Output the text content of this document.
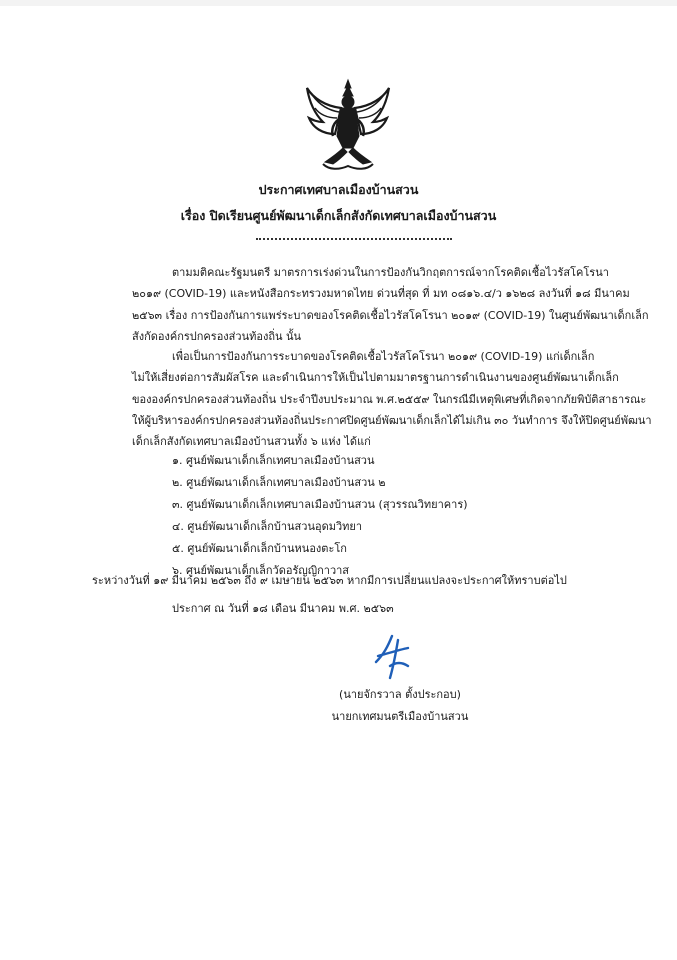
ประกาศเทศบาลเมืองบ้านสวน
เรื่อง ปิดเรียนศูนย์พัฒนาเด็กเล็กสังกัดเทศบาลเมืองบ้านสวน
ตามมติคณะรัฐมนตรี มาตรการเร่งด่วนในการป้องกันวิกฤตการณ์จากโรคติดเชื้อไวรัสโคโรนา
๒๐๑๙ (COVID-19) และหนังสือกระทรวงมหาดไทย ด่วนที่สุด ที่ มท ๐๘๑๖.๔/ว ๑๖๒๘ ลงวันที่ ๑๘ มีนาคม
๒๕๖๓ เรื่อง การป้องกันการแพร่ระบาดของโรคติดเชื้อไวรัสโคโรนา ๒๐๑๙ (COVID-19) ในศูนย์พัฒนาเด็กเล็ก
สังกัดองค์กรปกครองส่วนท้องถิ่น นั้น
เพื่อเป็นการป้องกันการระบาดของโรคติดเชื้อไวรัสโคโรนา ๒๐๑๙ (COVID-19) แก่เด็กเล็ก
ไม่ให้เสี่ยงต่อการสัมผัสโรค และดำเนินการให้เป็นไปตามมาตรฐานการดำเนินงานของศูนย์พัฒนาเด็กเล็ก
ขององค์กรปกครองส่วนท้องถิ่น ประจำปีงบประมาณ พ.ศ.๒๕๕๙ ในกรณีมีเหตุพิเศษที่เกิดจากภัยพิบัติสาธารณะ
ให้ผู้บริหารองค์กรปกครองส่วนท้องถิ่นประกาศปิดศูนย์พัฒนาเด็กเล็กได้ไม่เกิน ๓๐ วันทำการ จึงให้ปิดศูนย์พัฒนา
เด็กเล็กสังกัดเทศบาลเมืองบ้านสวนทั้ง ๖ แห่ง ได้แก่
๑. ศูนย์พัฒนาเด็กเล็กเทศบาลเมืองบ้านสวน
๒. ศูนย์พัฒนาเด็กเล็กเทศบาลเมืองบ้านสวน ๒
๓. ศูนย์พัฒนาเด็กเล็กเทศบาลเมืองบ้านสวน (สุวรรณวิทยาคาร)
๔. ศูนย์พัฒนาเด็กเล็กบ้านสวนอุดมวิทยา
๕. ศูนย์พัฒนาเด็กเล็กบ้านหนองตะโก
๖. ศูนย์พัฒนาเด็กเล็กวัดอรัญญิกาวาส
ระหว่างวันที่ ๑๙ มีนาคม ๒๕๖๓ ถึง ๙ เมษายน ๒๕๖๓ หากมีการเปลี่ยนแปลงจะประกาศให้ทราบต่อไป
ประกาศ ณ วันที่ ๑๘ เดือน มีนาคม พ.ศ. ๒๕๖๓
(นายจักรวาล ตั้งประกอบ)
นายกเทศมนตรีเมืองบ้านสวน
